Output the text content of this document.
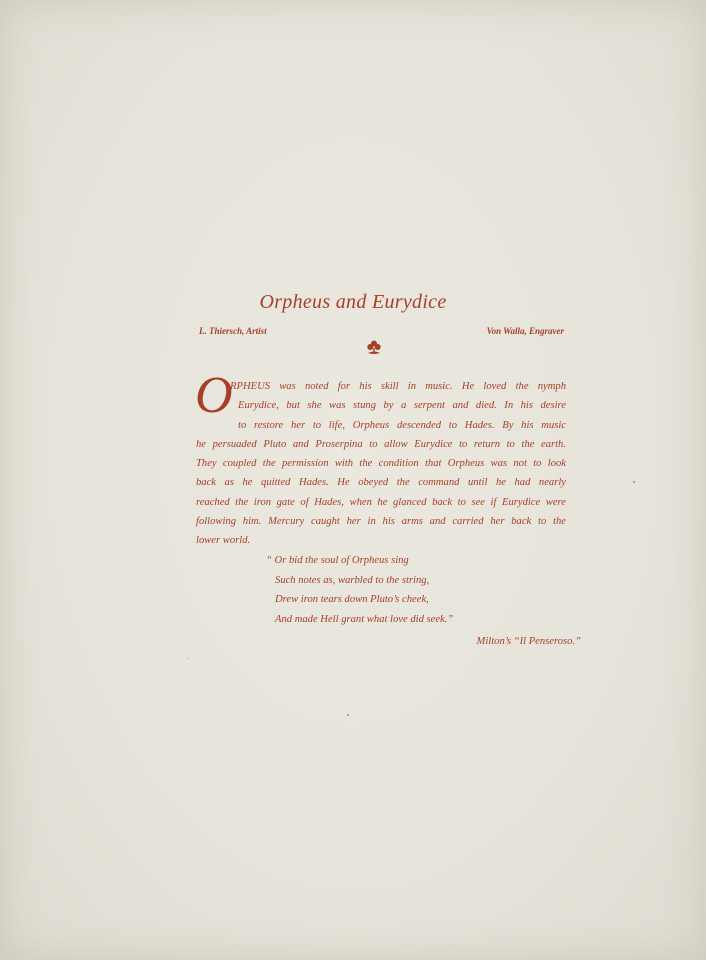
Orpheus and Eurydice
L. Thiersch, Artist	Von Walla, Engraver
O
RPHEUS was noted for his skill in music. He loved the nymph
Eurydice, but she was stung by a serpent and died. In his desire
to restore her to life, Orpheus descended to Hades. By his music
he persuaded Pluto and Proserpina to allow Eurydice to return to the earth.
They coupled the permission with the condition that Orpheus was not to look
back as he quitted Hades. He obeyed the command until he had nearly
reached the iron gate of Hades, when he glanced back to see if Eurydice were
following him. Mercury caught her in his arms and carried her back to the
lower world.
“ Or bid the soul of Orpheus sing
Such notes as, warbled to the string,
Drew iron tears down Pluto’s cheek,
And made Hell grant what love did seek.”
Milton’s “Il Penseroso.”
